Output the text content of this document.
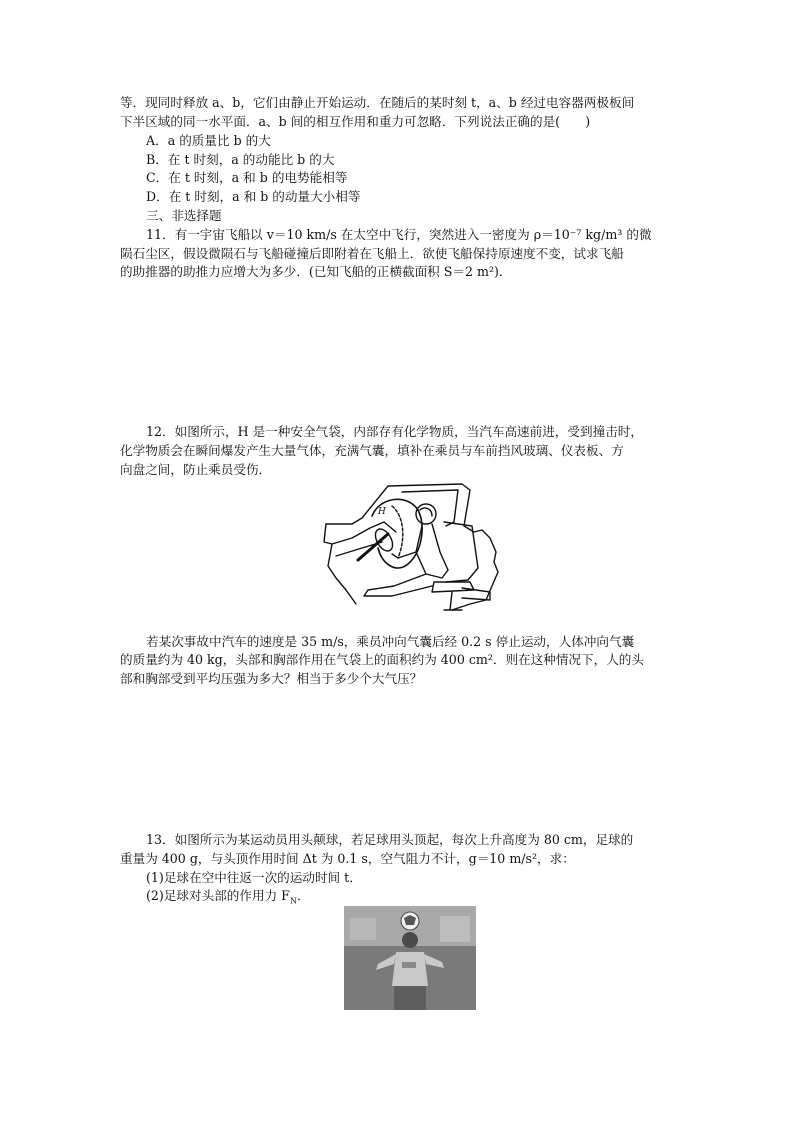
等．现同时释放 a、b，它们由静止开始运动．在随后的某时刻 t，a、b 经过电容器两极板间
下半区域的同一水平面．a、b 间的相互作用和重力可忽略．下列说法正确的是(　　)
A．a 的质量比 b 的大
B．在 t 时刻，a 的动能比 b 的大
C．在 t 时刻，a 和 b 的电势能相等
D．在 t 时刻，a 和 b 的动量大小相等
三、非选择题
11．有一宇宙飞船以 v＝10 km/s 在太空中飞行，突然进入一密度为 ρ＝10⁻⁷ kg/m³ 的微
陨石尘区，假设微陨石与飞船碰撞后即附着在飞船上．欲使飞船保持原速度不变，试求飞船
的助推器的助推力应增大为多少．(已知飞船的正横截面积 S＝2 m²)．
12．如图所示，H 是一种安全气袋，内部存有化学物质，当汽车高速前进，受到撞击时，
化学物质会在瞬间爆发产生大量气体，充满气囊，填补在乘员与车前挡风玻璃、仪表板、方
向盘之间，防止乘员受伤．
H
若某次事故中汽车的速度是 35 m/s，乘员冲向气囊后经 0.2 s 停止运动，人体冲向气囊
的质量约为 40 kg，头部和胸部作用在气袋上的面积约为 400 cm²．则在这种情况下，人的头
部和胸部受到平均压强为多大？相当于多少个大气压？
13．如图所示为某运动员用头颠球，若足球用头顶起，每次上升高度为 80 cm，足球的
重量为 400 g，与头顶作用时间 Δt 为 0.1 s，空气阻力不计，g＝10 m/s²，求：
(1)足球在空中往返一次的运动时间 t．
(2)足球对头部的作用力 $F_N$．
